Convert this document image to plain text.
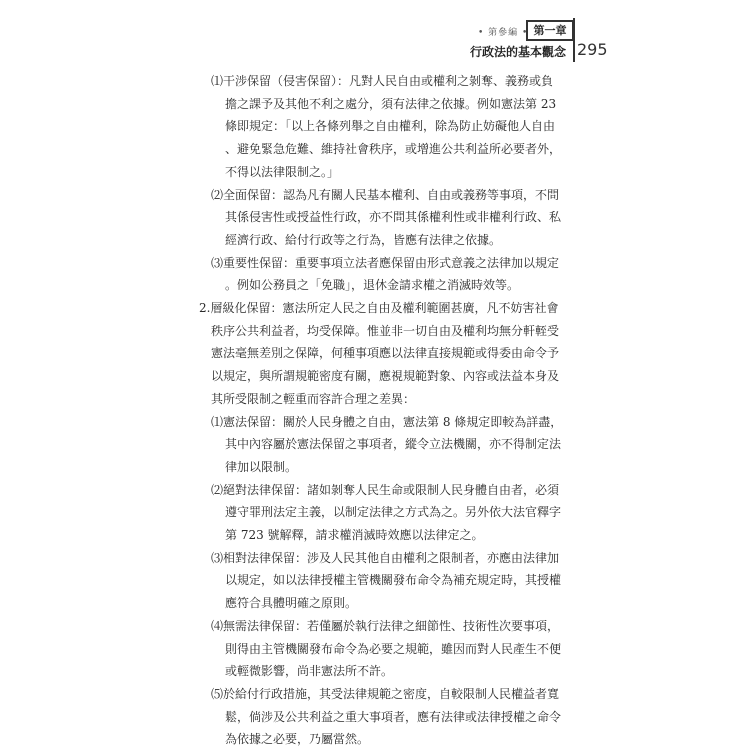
• 第參編 • 第一章
行政法的基本觀念 295
⑴干涉保留（侵害保留）：凡對人民自由或權利之剝奪、義務或負
擔之課予及其他不利之處分，須有法律之依據。例如憲法第 23
條即規定：「以上各條列舉之自由權利，除為防止妨礙他人自由
、避免緊急危難、維持社會秩序，或增進公共利益所必要者外，
不得以法律限制之。」
⑵全面保留：認為凡有關人民基本權利、自由或義務等事項，不問
其係侵害性或授益性行政，亦不問其係權利性或非權利行政、私
經濟行政、給付行政等之行為，皆應有法律之依據。
⑶重要性保留：重要事項立法者應保留由形式意義之法律加以規定
。例如公務員之「免職」，退休金請求權之消滅時效等。
2.層級化保留：憲法所定人民之自由及權利範圍甚廣，凡不妨害社會
秩序公共利益者，均受保障。惟並非一切自由及權利均無分軒輊受
憲法毫無差別之保障，何種事項應以法律直接規範或得委由命令予
以規定，與所謂規範密度有關，應視規範對象、內容或法益本身及
其所受限制之輕重而容許合理之差異：
⑴憲法保留：關於人民身體之自由，憲法第 8 條規定即較為詳盡，
其中內容屬於憲法保留之事項者，縱令立法機關，亦不得制定法
律加以限制。
⑵絕對法律保留：諸如剝奪人民生命或限制人民身體自由者，必須
遵守罪刑法定主義，以制定法律之方式為之。另外依大法官釋字
第 723 號解釋，請求權消滅時效應以法律定之。
⑶相對法律保留：涉及人民其他自由權利之限制者，亦應由法律加
以規定，如以法律授權主管機關發布命令為補充規定時，其授權
應符合具體明確之原則。
⑷無需法律保留：若僅屬於執行法律之細節性、技術性次要事項，
則得由主管機關發布命令為必要之規範，雖因而對人民產生不便
或輕微影響，尚非憲法所不許。
⑸於給付行政措施，其受法律規範之密度，自較限制人民權益者寬
鬆，倘涉及公共利益之重大事項者，應有法律或法律授權之命令
為依據之必要，乃屬當然。
